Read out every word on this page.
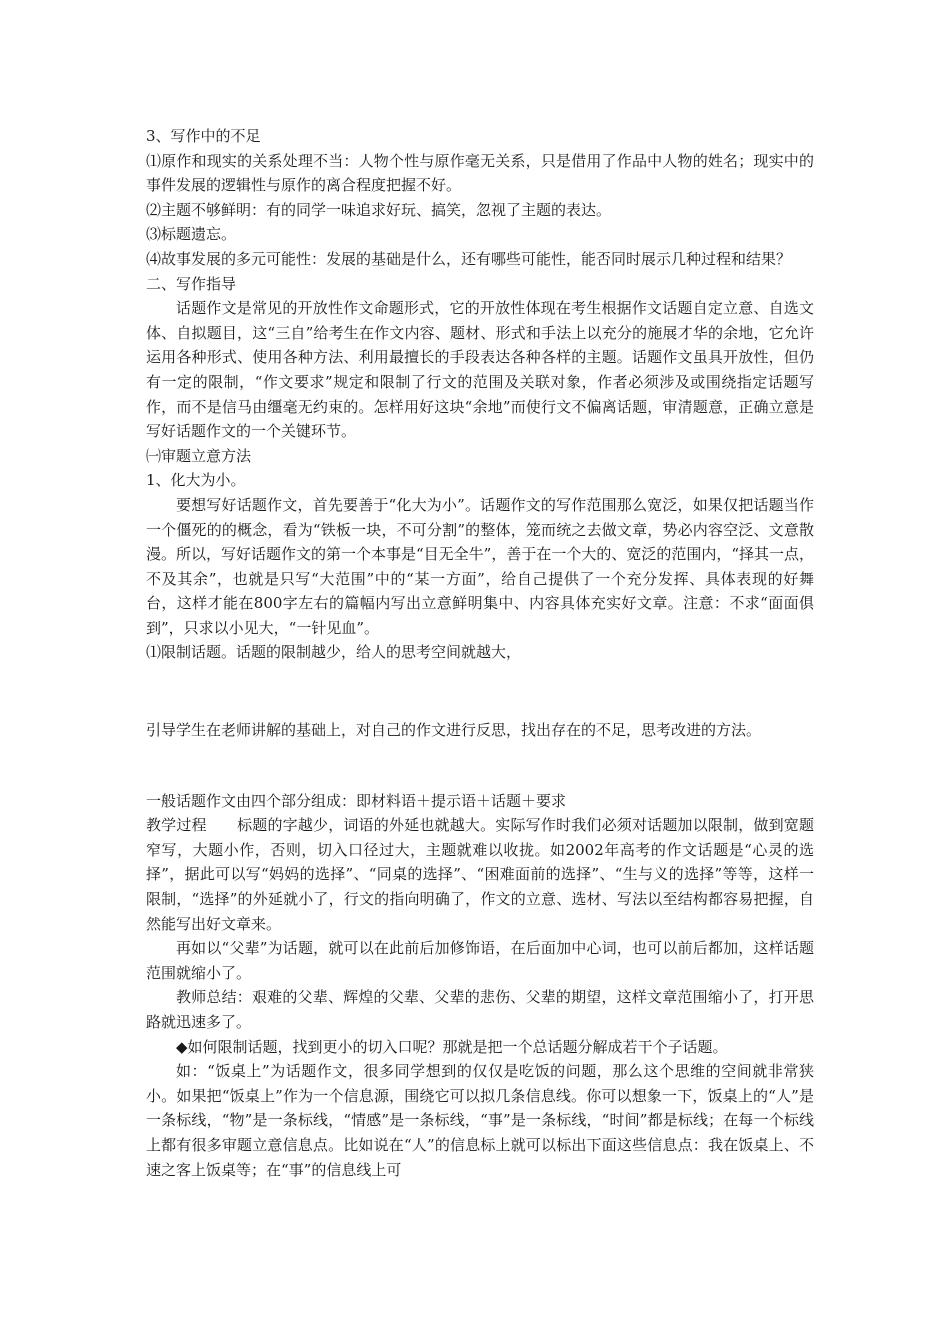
3、写作中的不足
⑴原作和现实的关系处理不当：人物个性与原作毫无关系，只是借用了作品中人物的姓名；现实中的事件发展的逻辑性与原作的离合程度把握不好。
⑵主题不够鲜明：有的同学一味追求好玩、搞笑，忽视了主题的表达。
⑶标题遗忘。
⑷故事发展的多元可能性：发展的基础是什么，还有哪些可能性，能否同时展示几种过程和结果？
二、写作指导
话题作文是常见的开放性作文命题形式，它的开放性体现在考生根据作文话题自定立意、自选文体、自拟题目，这“三自”给考生在作文内容、题材、形式和手法上以充分的施展才华的余地，它允许运用各种形式、使用各种方法、利用最擅长的手段表达各种各样的主题。话题作文虽具开放性，但仍有一定的限制，“作文要求”规定和限制了行文的范围及关联对象，作者必须涉及或围绕指定话题写作，而不是信马由缰毫无约束的。怎样用好这块“余地”而使行文不偏离话题，审清题意，正确立意是写好话题作文的一个关键环节。
㈠审题立意方法
1、化大为小。
要想写好话题作文，首先要善于“化大为小”。话题作文的写作范围那么宽泛，如果仅把话题当作一个僵死的的概念，看为“铁板一块，不可分割”的整体，笼而统之去做文章，势必内容空泛、文意散漫。所以，写好话题作文的第一个本事是“目无全牛”，善于在一个大的、宽泛的范围内，“择其一点，不及其余”，也就是只写“大范围”中的“某一方面”，给自己提供了一个充分发挥、具体表现的好舞台，这样才能在800字左右的篇幅内写出立意鲜明集中、内容具体充实好文章。注意：不求“面面俱到”，只求以小见大，“一针见血”。
⑴限制话题。话题的限制越少，给人的思考空间就越大，
引导学生在老师讲解的基础上，对自己的作文进行反思，找出存在的不足，思考改进的方法。
一般话题作文由四个部分组成：即材料语＋提示语＋话题＋要求
教学过程　　标题的字越少，词语的外延也就越大。实际写作时我们必须对话题加以限制，做到宽题窄写，大题小作，否则，切入口径过大，主题就难以收拢。如2002年高考的作文话题是“心灵的选择”，据此可以写“妈妈的选择”、“同桌的选择”、“困难面前的选择”、“生与义的选择”等等，这样一限制，“选择”的外延就小了，行文的指向明确了，作文的立意、选材、写法以至结构都容易把握，自然能写出好文章来。
再如以“父辈”为话题，就可以在此前后加修饰语，在后面加中心词，也可以前后都加，这样话题范围就缩小了。
教师总结：艰难的父辈、辉煌的父辈、父辈的悲伤、父辈的期望，这样文章范围缩小了，打开思路就迅速多了。
◆如何限制话题，找到更小的切入口呢？那就是把一个总话题分解成若干个子话题。
如：“饭桌上”为话题作文，很多同学想到的仅仅是吃饭的问题，那么这个思维的空间就非常狭小。如果把“饭桌上”作为一个信息源，围绕它可以拟几条信息线。你可以想象一下，饭桌上的“人”是一条标线，“物”是一条标线，“情感”是一条标线，“事”是一条标线，“时间”都是标线；在每一个标线上都有很多审题立意信息点。比如说在“人”的信息标上就可以标出下面这些信息点：我在饭桌上、不速之客上饭桌等；在“事”的信息线上可
